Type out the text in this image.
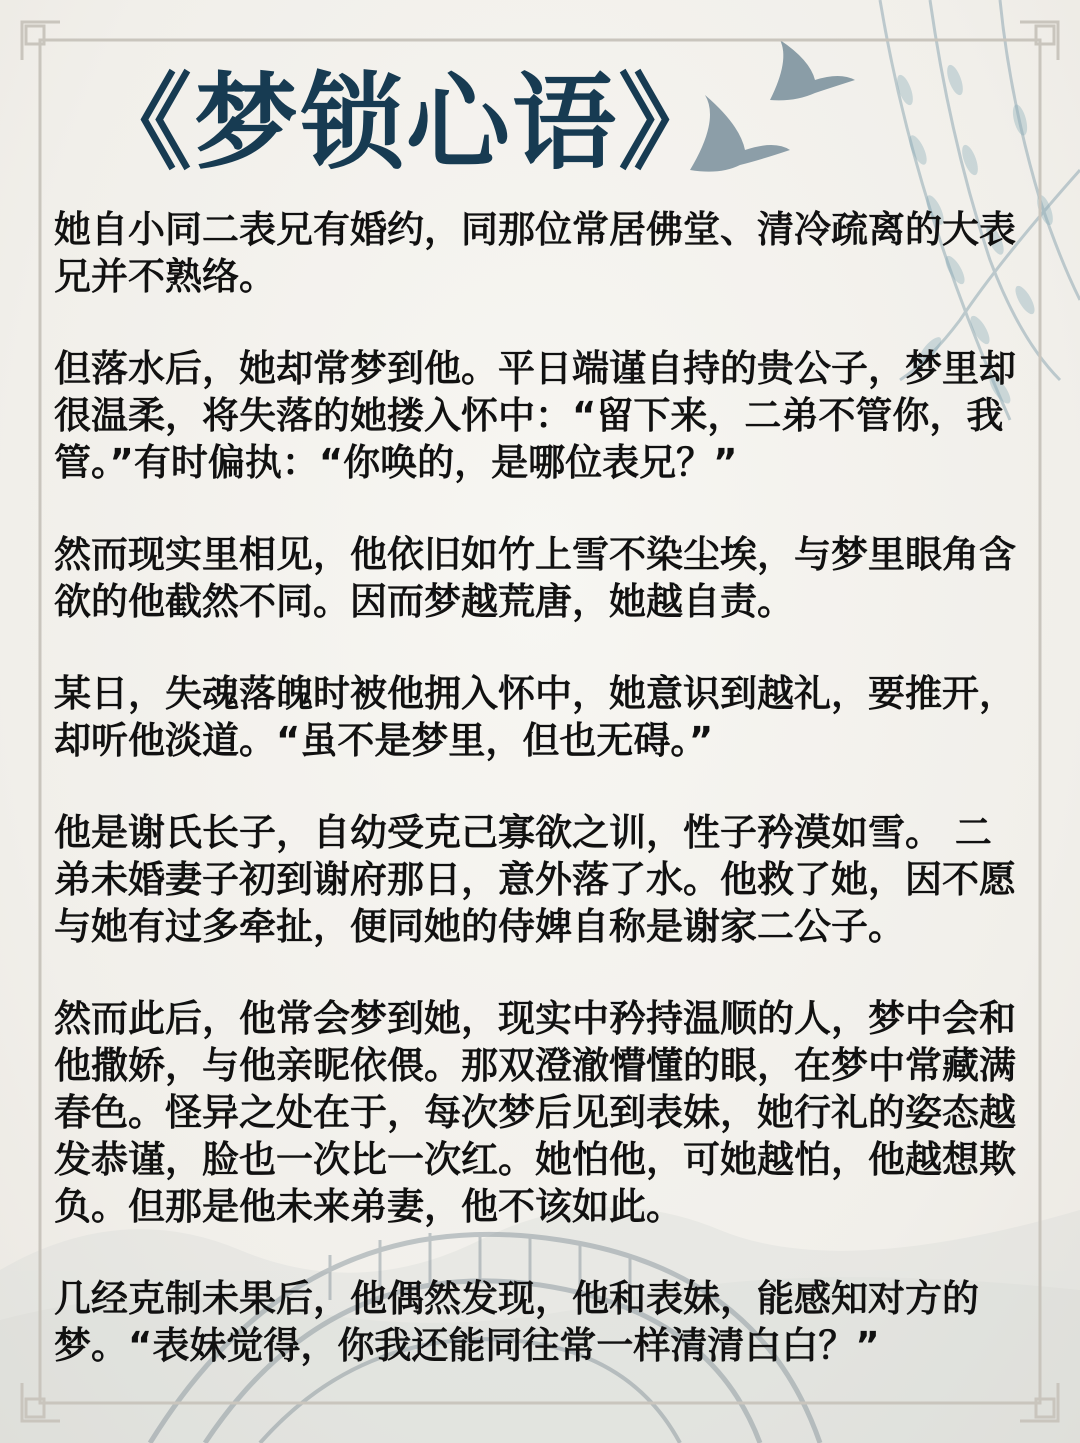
《梦锁心语》

她自小同二表兄有婚约，同那位常居佛堂、清冷疏离的大表兄并不熟络。

但落水后，她却常梦到他。平日端谨自持的贵公子，梦里却很温柔，将失落的她搂入怀中：“留下来，二弟不管你，我管。”有时偏执：“你唤的，是哪位表兄？”

然而现实里相见，他依旧如竹上雪不染尘埃，与梦里眼角含欲的他截然不同。因而梦越荒唐，她越自责。

某日，失魂落魄时被他拥入怀中，她意识到越礼，要推开，却听他淡道。“虽不是梦里，但也无碍。”

他是谢氏长子，自幼受克己寡欲之训，性子矜漠如雪。 二弟未婚妻子初到谢府那日，意外落了水。他救了她，因不愿与她有过多牵扯，便同她的侍婢自称是谢家二公子。

然而此后，他常会梦到她，现实中矜持温顺的人，梦中会和他撒娇，与他亲昵依偎。那双澄澈懵懂的眼，在梦中常藏满春色。怪异之处在于，每次梦后见到表妹，她行礼的姿态越发恭谨，脸也一次比一次红。她怕他，可她越怕，他越想欺负。但那是他未来弟妻，他不该如此。

几经克制未果后，他偶然发现，他和表妹，能感知对方的梦。“表妹觉得，你我还能同往常一样清清白白？”
